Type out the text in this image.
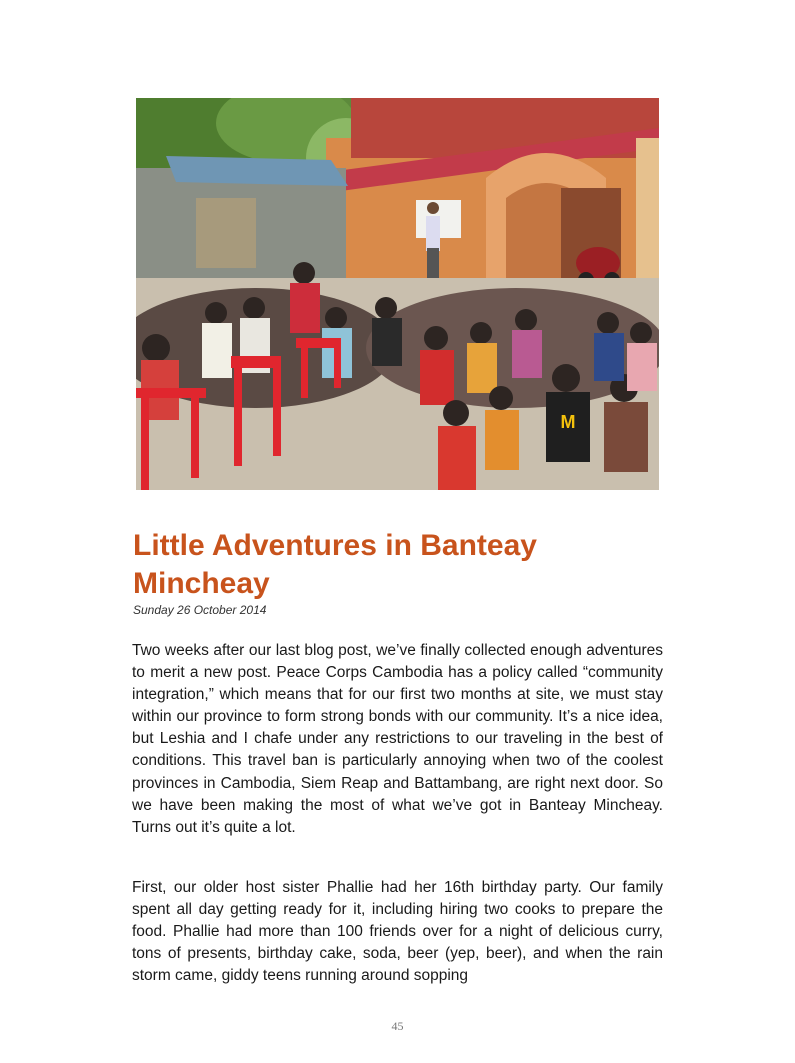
M
Little Adventures in Banteay Mincheay
Sunday 26 October 2014

Two weeks after our last blog post, we’ve finally collected enough adventures to merit a new post. Peace Corps Cambodia has a policy called “community integration,” which means that for our first two months at site, we must stay within our province to form strong bonds with our community. It’s a nice idea, but Leshia and I chafe under any restrictions to our traveling in the best of conditions. This travel ban is particularly annoying when two of the coolest provinces in Cambodia, Siem Reap and Battambang, are right next door. So we have been making the most of what we’ve got in Banteay Mincheay. Turns out it’s quite a lot.

First, our older host sister Phallie had her 16th birthday party. Our family spent all day getting ready for it, including hiring two cooks to prepare the food. Phallie had more than 100 friends over for a night of delicious curry, tons of presents, birthday cake, soda, beer (yep, beer), and when the rain storm came, giddy teens running around sopping

45
